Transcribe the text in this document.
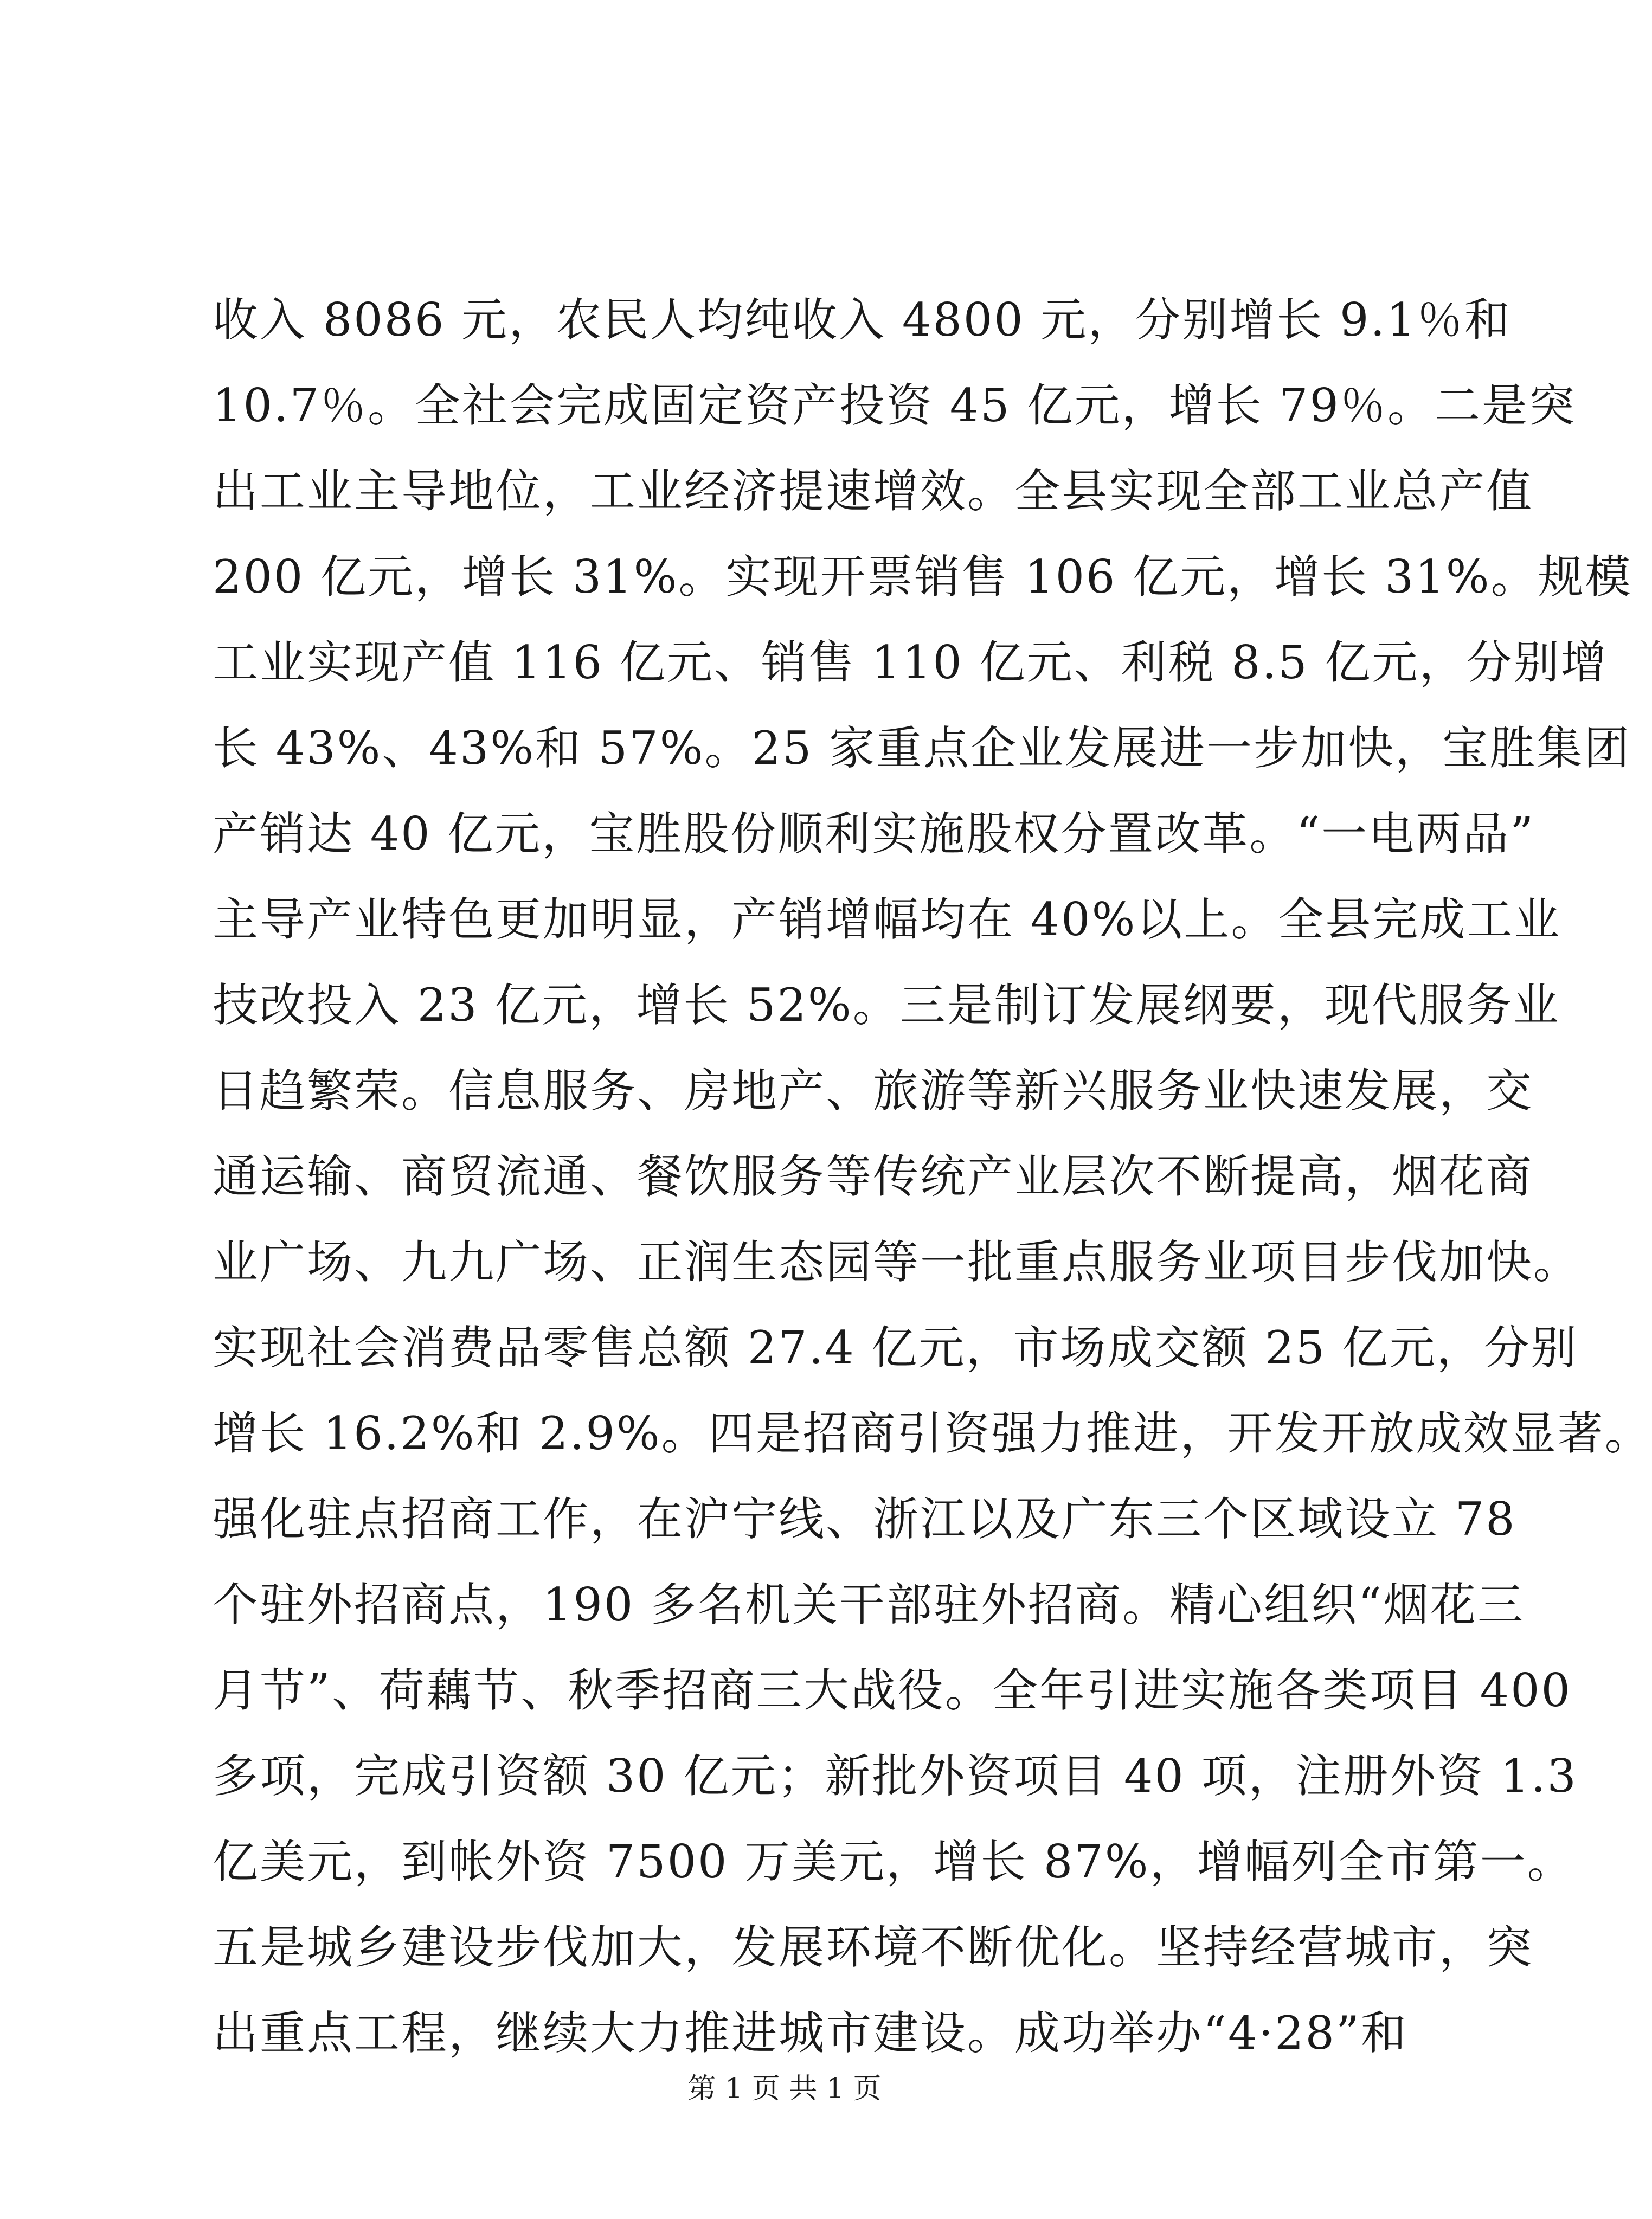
收入 8086 元，农民人均纯收入 4800 元，分别增长 9.1％和
10.7％。全社会完成固定资产投资 45 亿元，增长 79％。二是突
出工业主导地位，工业经济提速增效。全县实现全部工业总产值
200 亿元，增长 31%。实现开票销售 106 亿元，增长 31%。规模
工业实现产值 116 亿元、销售 110 亿元、利税 8.5 亿元，分别增
长 43%、43%和 57%。25 家重点企业发展进一步加快，宝胜集团
产销达 40 亿元，宝胜股份顺利实施股权分置改革。“一电两品”
主导产业特色更加明显，产销增幅均在 40%以上。全县完成工业
技改投入 23 亿元，增长 52%。三是制订发展纲要，现代服务业
日趋繁荣。信息服务、房地产、旅游等新兴服务业快速发展，交
通运输、商贸流通、餐饮服务等传统产业层次不断提高，烟花商
业广场、九九广场、正润生态园等一批重点服务业项目步伐加快。
实现社会消费品零售总额 27.4 亿元，市场成交额 25 亿元，分别
增长 16.2%和 2.9%。四是招商引资强力推进，开发开放成效显著。
强化驻点招商工作，在沪宁线、浙江以及广东三个区域设立 78
个驻外招商点，190 多名机关干部驻外招商。精心组织“烟花三
月节”、荷藕节、秋季招商三大战役。全年引进实施各类项目 400
多项，完成引资额 30 亿元；新批外资项目 40 项，注册外资 1.3
亿美元，到帐外资 7500 万美元，增长 87%，增幅列全市第一。
五是城乡建设步伐加大，发展环境不断优化。坚持经营城市，突
出重点工程，继续大力推进城市建设。成功举办“4·28”和
第 1 页 共 1 页
